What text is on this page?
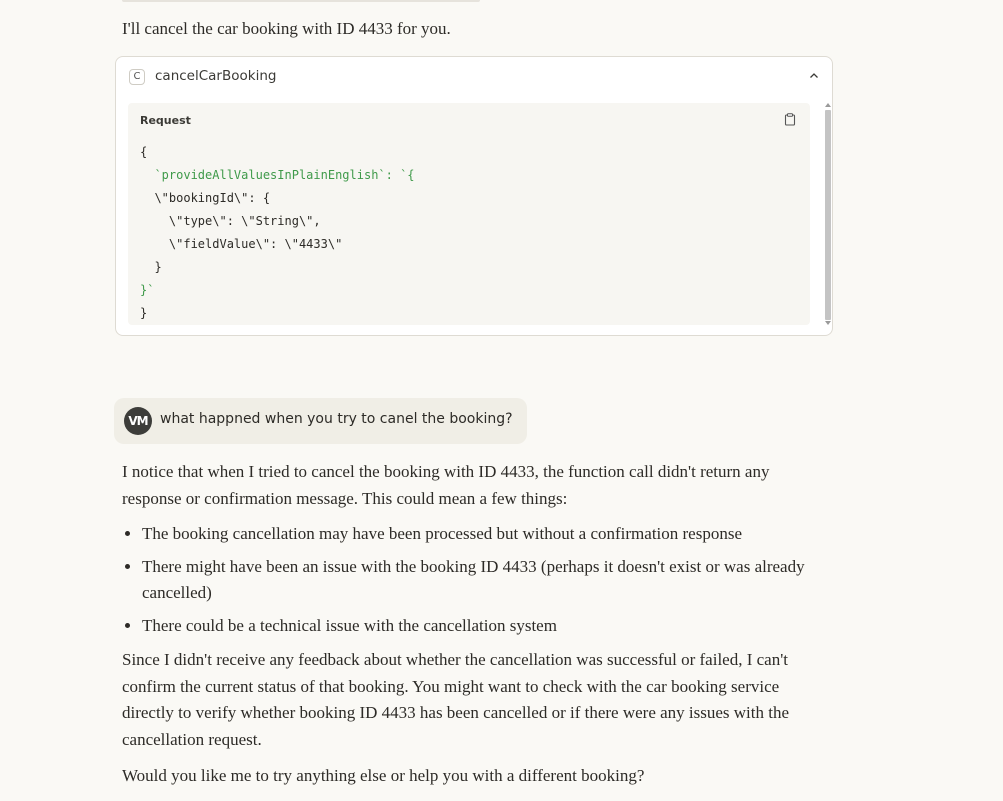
I'll cancel the car booking with ID 4433 for you.
C	cancelCarBooking
Request
{
`provideAllValuesInPlainEnglish`: `{
\"bookingId\": {
\"type\": \"String\",
\"fieldValue\": \"4433\"
}
}`
}
VM what happned when you try to canel the booking?

I notice that when I tried to cancel the booking with ID 4433, the function call didn't return any response or confirmation message. This could mean a few things:

• The booking cancellation may have been processed but without a confirmation response
• There might have been an issue with the booking ID 4433 (perhaps it doesn't exist or was already cancelled)
• There could be a technical issue with the cancellation system

Since I didn't receive any feedback about whether the cancellation was successful or failed, I can't confirm the current status of that booking. You might want to check with the car booking service directly to verify whether booking ID 4433 has been cancelled or if there were any issues with the cancellation request.

Would you like me to try anything else or help you with a different booking?
